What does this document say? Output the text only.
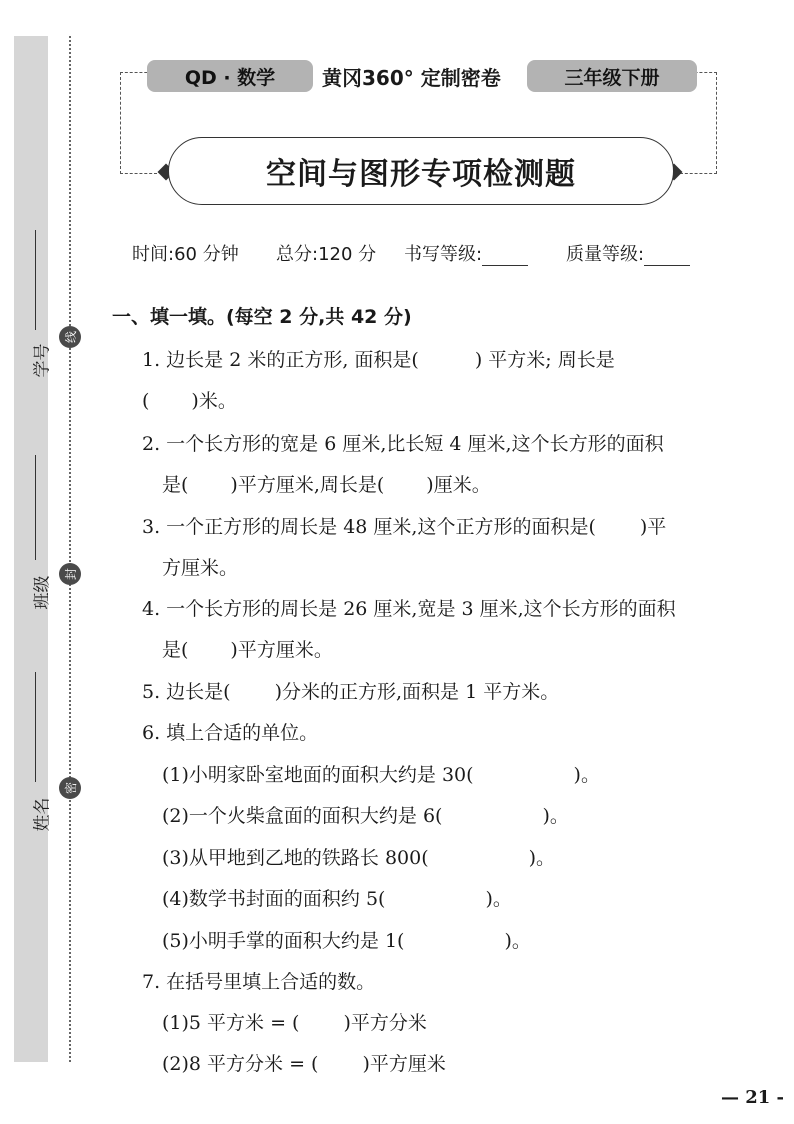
线
封
密
学号
班级
姓名
QD · 数学	黄冈360° 定制密卷	三年级下册
空间与图形专项检测题
时间:60 分钟 总分:120 分 书写等级:	质量等级:
一、填一填。(每空 2 分,共 42 分)
1. 边长是 2 米的正方形, 面积是(	) 平方米; 周长是
( )米。
2. 一个长方形的宽是 6 厘米,比长短 4 厘米,这个长方形的面积
是( )平方厘米,周长是( )厘米。
3. 一个正方形的周长是 48 厘米,这个正方形的面积是( )平
方厘米。
4. 一个长方形的周长是 26 厘米,宽是 3 厘米,这个长方形的面积
是( )平方厘米。
5. 边长是( )分米的正方形,面积是 1 平方米。
6. 填上合适的单位。
(1)小明家卧室地面的面积大约是 30(	)。
(2)一个火柴盒面的面积大约是 6(	)。
(3)从甲地到乙地的铁路长 800(	)。
(4)数学书封面的面积约 5(	)。
(5)小明手掌的面积大约是 1(	)。
7. 在括号里填上合适的数。
(1)5 平方米 = ( )平方分米
(2)8 平方分米 = ( )平方厘米
— 21 -
